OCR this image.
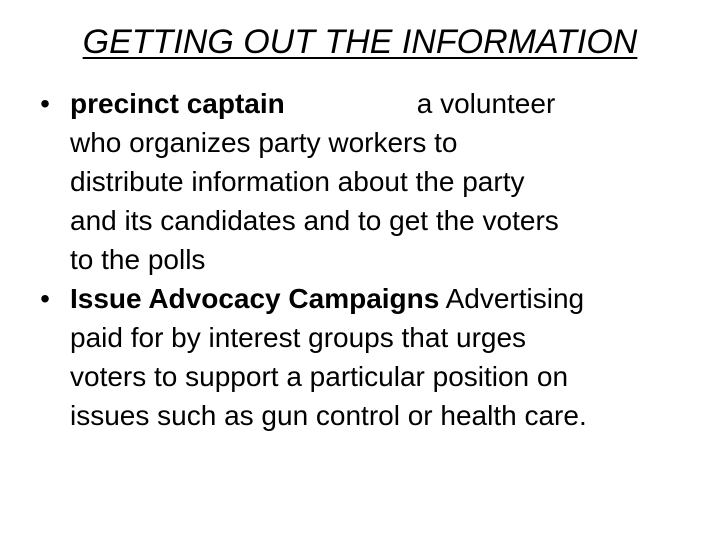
GETTING OUT THE INFORMATION
• precinct captain	a volunteer
who organizes party workers to
distribute information about the party
and its candidates and to get the voters
to the polls
• Issue Advocacy Campaigns Advertising
paid for by interest groups that urges
voters to support a particular position on
issues such as gun control or health care.
